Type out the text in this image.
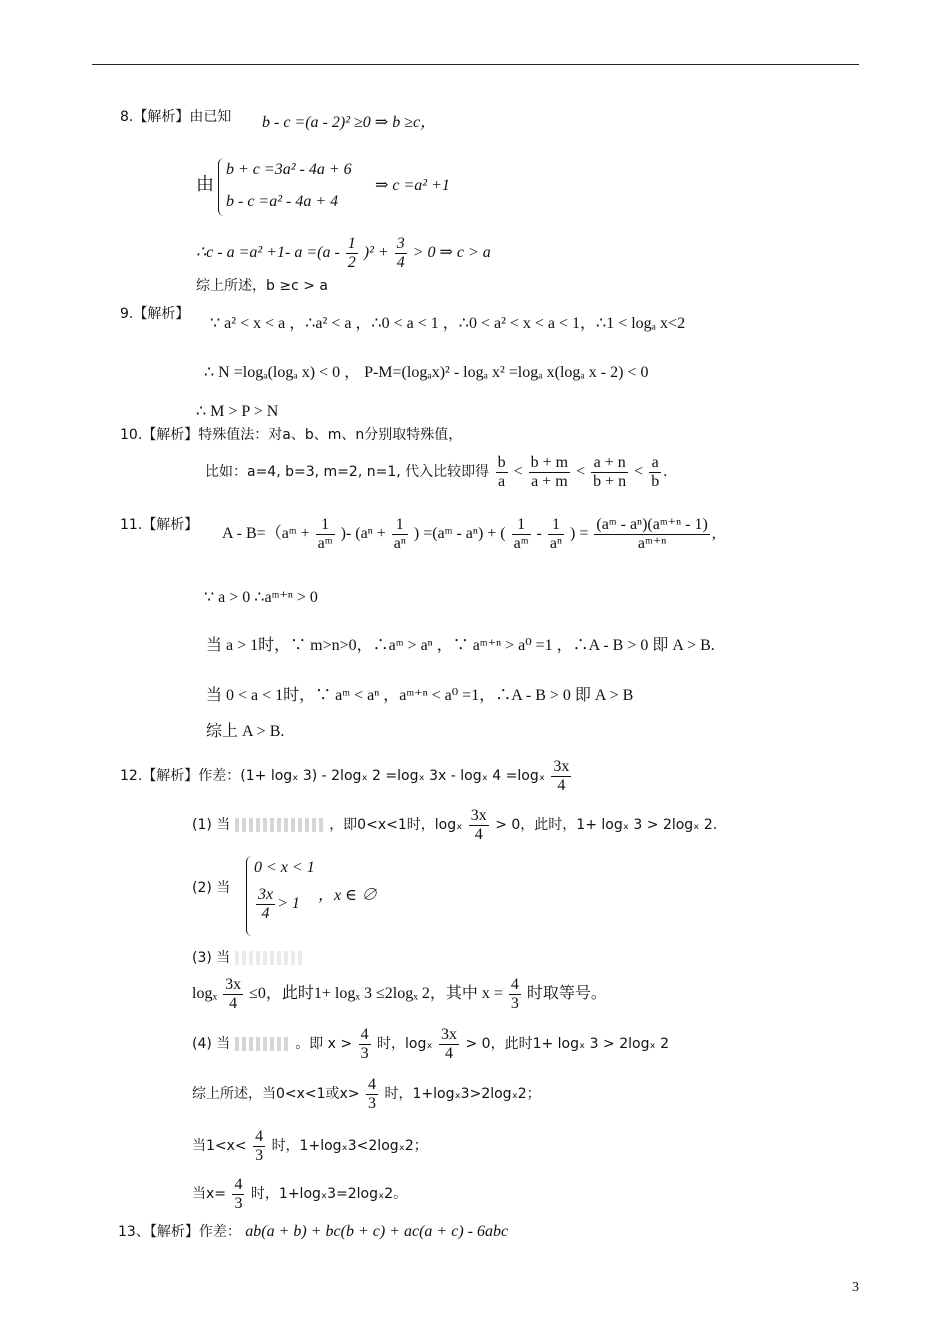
8.【解析】由已知 b - c =(a - 2)² ≥0 ⇒ b ≥c，
由
b + c =3a² - 4a + 6
b - c =a² - 4a + 4
⇒ c =a² +1
∴c - a =a² +1- $a =(a - \frac{1}{2} )^2 + \frac{3}{4} > 0$ ⇒ c > a
综上所述，b ≥c > a
9.【解析】
∵ a² < x < a ，∴a² < a ，∴0 < a < 1 ，∴0 < a² < x < a < 1，∴1 < logₐ x<2
∴ N =logₐ(logₐ x) < 0 ， P-M=(logₐx)² - logₐ x² =logₐ x(logₐ x - 2) < 0
∴ M > P > N
10.【解析】特殊值法：对a、b、m、n分别取特殊值，
比如：a=4, b=3, m=2, n=1, 代入比较即得 $\frac{b}{a} < \frac{b + m}{a + m} < \frac{a + n}{b + n} < \frac{a}{b}$ .
11.【解析】 A - B=（aᵐ + $\frac{1}{\text{aᵐ}}$ )- ($a^n + \frac{1}{\text{aⁿ}}$ ) =(aᵐ - aⁿ) + ( $\frac{1}{\text{aᵐ}} - \frac{1}{\text{aⁿ}}$ ) = $\frac{\text{(aᵐ - aⁿ)(aᵐ⁺ⁿ - 1)}}{\text{aᵐ⁺ⁿ}}$ ,
∵ a > 0 ∴aᵐ⁺ⁿ > 0
当 a > 1时，∵ m>n>0，∴aᵐ > aⁿ ，∵ aᵐ⁺ⁿ > a⁰ =1 ，∴A - B > 0 即 A > B.
当 0 < a < 1时，∵ aᵐ < aⁿ ，aᵐ⁺ⁿ < a⁰ =1，∴A - B > 0 即 A > B
综上 A > B.
12.【解析】作差：(1+ logₓ 3) - 2logₓ 2 =logₓ 3x - logₓ $4 =\log_x \frac{3x}{4}$
(1) 当	，即0<x<1时，logₓ $\frac{3x}{4} > 0$，此时，1+ logₓ 3 > 2logₓ 2.
(2) 当
0 < x < 1
$\frac{3x}{4} > 1$ ，x ∈ ∅
(3) 当
logₓ $\frac{3x}{4} \le 0$，此时1+ logₓ 3 ≤2logₓ 2，其中 $x = \frac{4}{3}$ 时取等号。
(4) 当	。即 $x > \frac{4}{3}$ 时，logₓ $\frac{3x}{4} > 0$，此时1+ logₓ 3 > 2logₓ 2
综上所述，当0<x<1或$x> \frac{4}{3}$ 时，1+logₓ3>2logₓ2；
当$1<x< \frac{4}{3}$ 时，1+logₓ3<2logₓ2；
当$x= \frac{4}{3}$ 时，1+logₓ3=2logₓ2。
13、【解析】作差： ab(a + b) + bc(b + c) + ac(a + c) - 6abc
3
